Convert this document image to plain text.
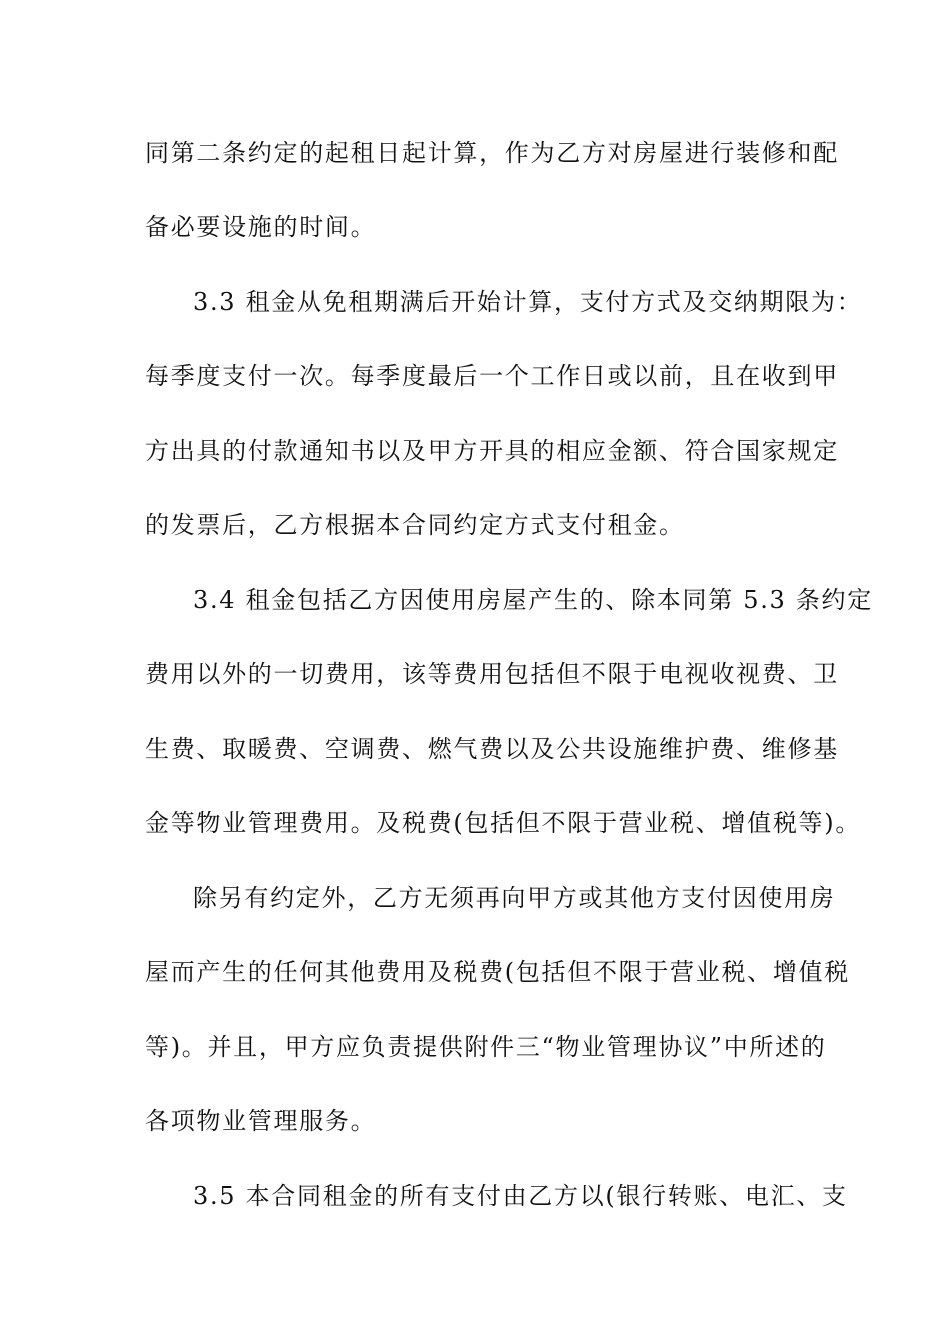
同第二条约定的起租日起计算，作为乙方对房屋进行装修和配
备必要设施的时间。
3.3 租金从免租期满后开始计算，支付方式及交纳期限为：
每季度支付一次。每季度最后一个工作日或以前，且在收到甲
方出具的付款通知书以及甲方开具的相应金额、符合国家规定
的发票后，乙方根据本合同约定方式支付租金。
3.4 租金包括乙方因使用房屋产生的、除本同第 5.3 条约定
费用以外的一切费用，该等费用包括但不限于电视收视费、卫
生费、取暖费、空调费、燃气费以及公共设施维护费、维修基
金等物业管理费用。及税费(包括但不限于营业税、增值税等)。
除另有约定外，乙方无须再向甲方或其他方支付因使用房
屋而产生的任何其他费用及税费(包括但不限于营业税、增值税
等)。并且，甲方应负责提供附件三“物业管理协议”中所述的
各项物业管理服务。
3.5 本合同租金的所有支付由乙方以(银行转账、电汇、支
